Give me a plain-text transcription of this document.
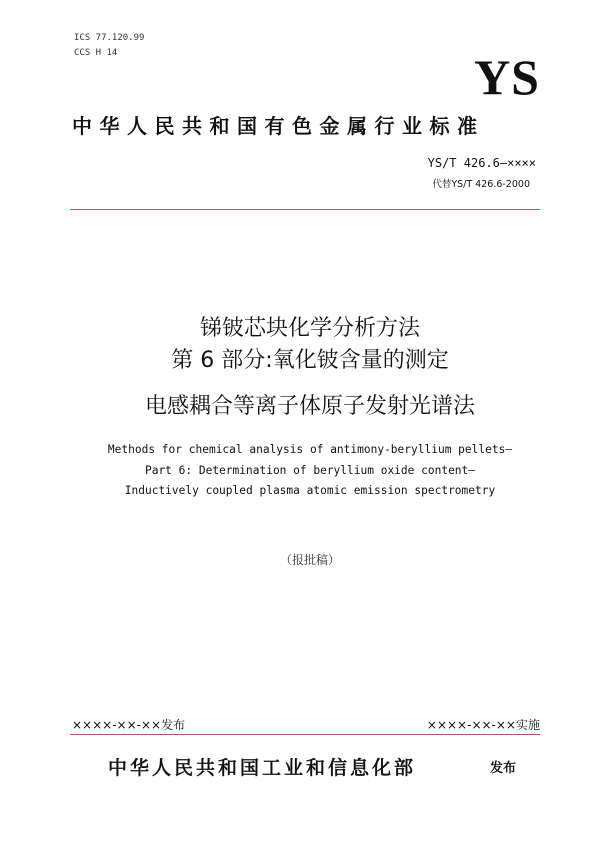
ICS 77.120.99
CCS H 14	YS
中华人民共和国有色金属行业标准
YS/T 426.6—××××
代替YS/T 426.6-2000
锑铍芯块化学分析方法
第 6 部分:氧化铍含量的测定
电感耦合等离子体原子发射光谱法
Methods for chemical analysis of antimony-beryllium pellets—
Part 6: Determination of beryllium oxide content—
Inductively coupled plasma atomic emission spectrometry
（报批稿）
××××-××-××发布	××××-××-××实施
中华人民共和国工业和信息化部	发布
